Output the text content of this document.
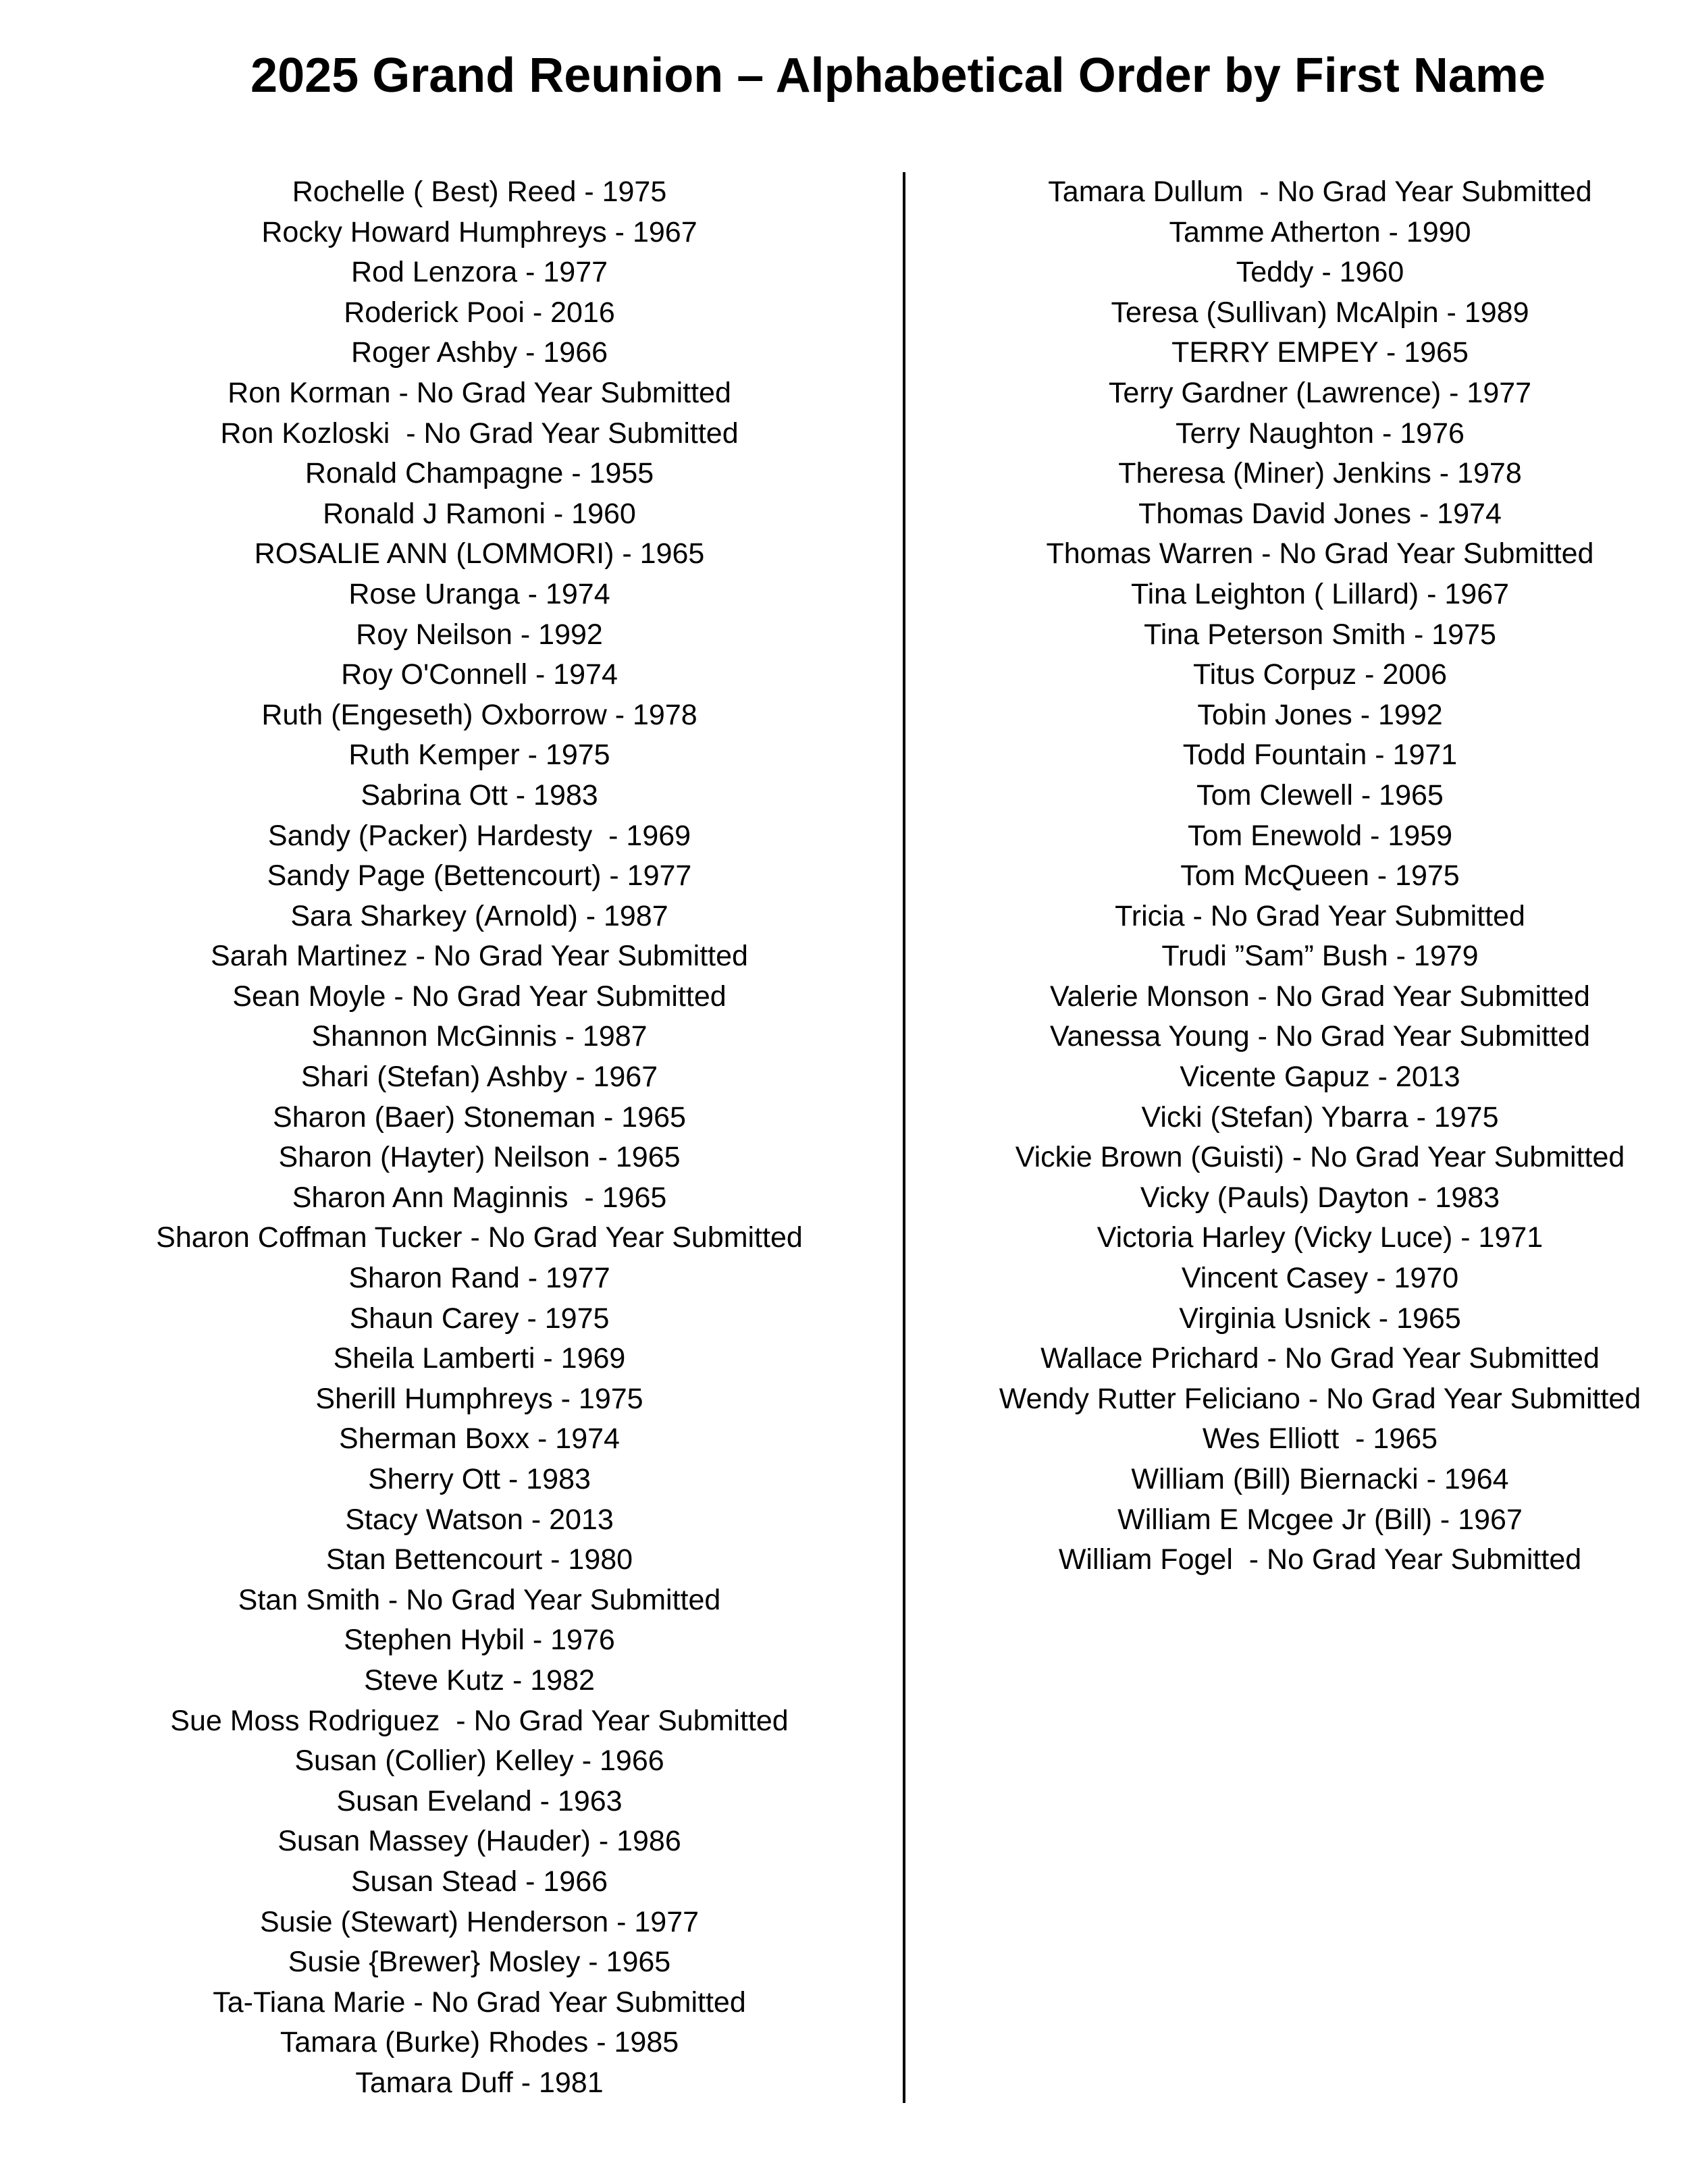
2025 Grand Reunion – Alphabetical Order by First Name
Rochelle ( Best) Reed - 1975
Rocky Howard Humphreys - 1967
Rod Lenzora - 1977
Roderick Pooi - 2016
Roger Ashby - 1966
Ron Korman - No Grad Year Submitted
Ron Kozloski  - No Grad Year Submitted
Ronald Champagne - 1955
Ronald J Ramoni - 1960
ROSALIE ANN (LOMMORI) - 1965
Rose Uranga - 1974
Roy Neilson - 1992
Roy O'Connell - 1974
Ruth (Engeseth) Oxborrow - 1978
Ruth Kemper - 1975
Sabrina Ott - 1983
Sandy (Packer) Hardesty  - 1969
Sandy Page (Bettencourt) - 1977
Sara Sharkey (Arnold) - 1987
Sarah Martinez - No Grad Year Submitted
Sean Moyle - No Grad Year Submitted
Shannon McGinnis - 1987
Shari (Stefan) Ashby - 1967
Sharon (Baer) Stoneman - 1965
Sharon (Hayter) Neilson - 1965
Sharon Ann Maginnis  - 1965
Sharon Coffman Tucker - No Grad Year Submitted
Sharon Rand - 1977
Shaun Carey - 1975
Sheila Lamberti - 1969
Sherill Humphreys - 1975
Sherman Boxx - 1974
Sherry Ott - 1983
Stacy Watson - 2013
Stan Bettencourt - 1980
Stan Smith - No Grad Year Submitted
Stephen Hybil - 1976
Steve Kutz - 1982
Sue Moss Rodriguez  - No Grad Year Submitted
Susan (Collier) Kelley - 1966
Susan Eveland - 1963
Susan Massey (Hauder) - 1986
Susan Stead - 1966
Susie (Stewart) Henderson - 1977
Susie {Brewer} Mosley - 1965
Ta-Tiana Marie - No Grad Year Submitted
Tamara (Burke) Rhodes - 1985
Tamara Duff - 1981
Tamara Dullum  - No Grad Year Submitted
Tamme Atherton - 1990
Teddy - 1960
Teresa (Sullivan) McAlpin - 1989
TERRY EMPEY - 1965
Terry Gardner (Lawrence) - 1977
Terry Naughton - 1976
Theresa (Miner) Jenkins - 1978
Thomas David Jones - 1974
Thomas Warren - No Grad Year Submitted
Tina Leighton ( Lillard) - 1967
Tina Peterson Smith - 1975
Titus Corpuz - 2006
Tobin Jones - 1992
Todd Fountain - 1971
Tom Clewell - 1965
Tom Enewold - 1959
Tom McQueen - 1975
Tricia - No Grad Year Submitted
Trudi ”Sam” Bush - 1979
Valerie Monson - No Grad Year Submitted
Vanessa Young - No Grad Year Submitted
Vicente Gapuz - 2013
Vicki (Stefan) Ybarra - 1975
Vickie Brown (Guisti) - No Grad Year Submitted
Vicky (Pauls) Dayton - 1983
Victoria Harley (Vicky Luce) - 1971
Vincent Casey - 1970
Virginia Usnick - 1965
Wallace Prichard - No Grad Year Submitted
Wendy Rutter Feliciano - No Grad Year Submitted
Wes Elliott  - 1965
William (Bill) Biernacki - 1964
William E Mcgee Jr (Bill) - 1967
William Fogel  - No Grad Year Submitted
